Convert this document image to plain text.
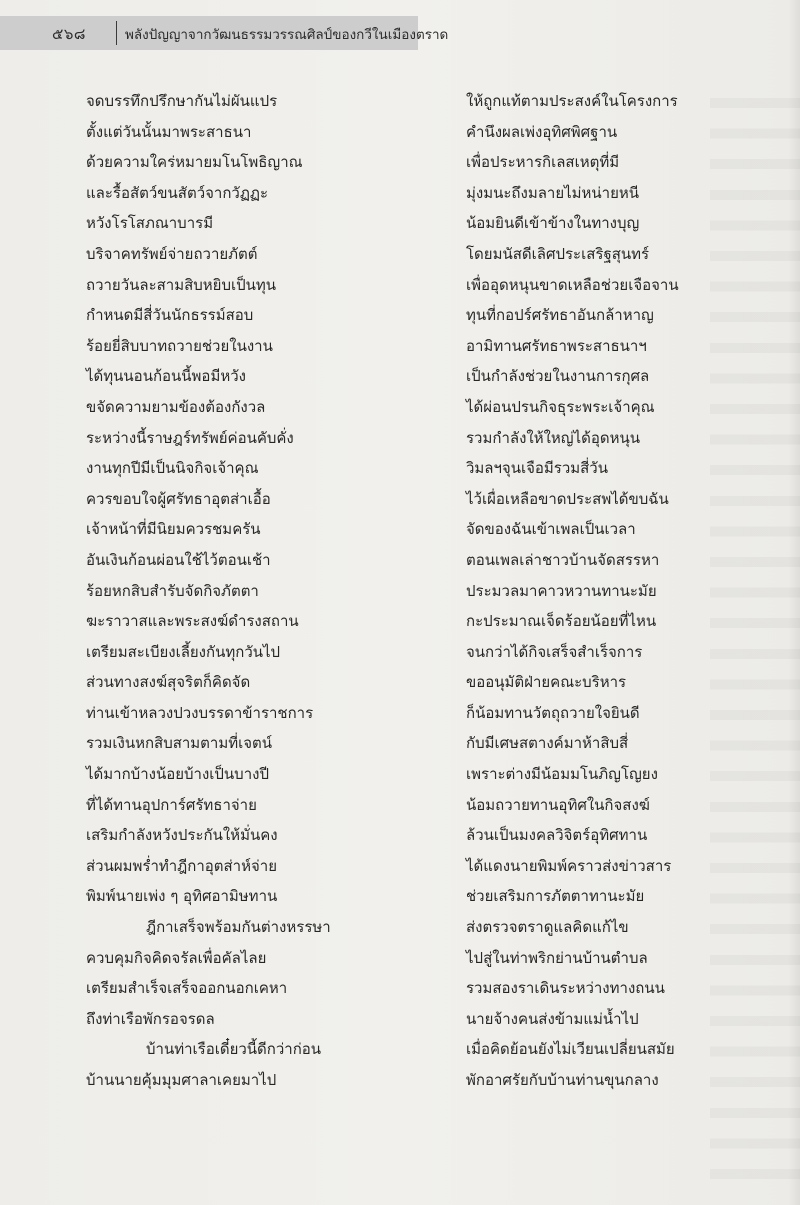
๕๖๘	พลังปัญญาจากวัฒนธรรมวรรณศิลป์ของกวีในเมืองตราด
จดบรรทึกปรึกษากันไม่ผันแปร
ตั้งแต่วันนั้นมาพระสาธนา
ด้วยความใคร่หมายมโนโพธิญาณ
และรื้อสัตว์ขนสัตว์จากวัฏฏะ
หวังโรโสภณาบารมี
บริจาคทรัพย์จ่ายถวายภัตต์
ถวายวันละสามสิบหยิบเป็นทุน
กำหนดมีสี่วันนักธรรม์สอบ
ร้อยยี่สิบบาทถวายช่วยในงาน
ได้ทุนนอนก้อนนี้พอมีหวัง
ขจัดความยามข้องต้องกังวล
ระหว่างนี้ราษฎร์ทรัพย์ค่อนคับคั่ง
งานทุกปีมีเป็นนิจกิจเจ้าคุณ
ควรขอบใจผู้ศรัทธาอุตส่าเอื้อ
เจ้าหน้าที่มีนิยมควรชมครัน
อันเงินก้อนผ่อนใช้ไว้ตอนเช้า
ร้อยหกสิบสำรับจัดกิจภัตตา
ฆะราวาสและพระสงฆ์ดำรงสถาน
เตรียมสะเบียงเลี้ยงกันทุกวันไป
ส่วนทางสงฆ์สุจริตก็คิดจัด
ท่านเข้าหลวงปวงบรรดาข้าราชการ
รวมเงินหกสิบสามตามที่เจตน์
ได้มากบ้างน้อยบ้างเป็นบางปี
ที่ได้ทานอุปการ์ศรัทธาจ่าย
เสริมกำลังหวังประกันให้มั่นคง
ส่วนผมพร่ำทำฎีกาอุตส่าห์จ่าย
พิมพ์นายเพ่ง ๆ อุทิศอามิษทาน
ฎีกาเสร็จพร้อมกันต่างหรรษา
ควบคุมกิจคิดจรัลเพื่อคัลไลย
เตรียมสำเร็จเสร็จออกนอกเคหา
ถึงท่าเรือพักรอจรดล
บ้านท่าเรือเดี๋ยวนี้ดีกว่าก่อน
บ้านนายคุ้มมุมศาลาเคยมาไป
ให้ถูกแท้ตามประสงค์ในโครงการ
คำนึงผลเพ่งอุทิศพิศฐาน
เพื่อประหารกิเลสเหตุที่มี
มุ่งมนะถึงมลายไม่หน่ายหนี
น้อมยินดีเข้าข้างในทางบุญ
โดยมนัสดีเลิศประเสริฐสุนทร์
เพื่ออุดหนุนขาดเหลือช่วยเจือจาน
ทุนที่กอปร์ศรัทธาอันกล้าหาญ
อามิทานศรัทธาพระสาธนาฯ
เป็นกำลังช่วยในงานการกุศล
ได้ผ่อนปรนกิจธุระพระเจ้าคุณ
รวมกำลังให้ใหญ่ได้อุดหนุน
วิมลฯจุนเจือมีรวมสี่วัน
ไว้เผื่อเหลือขาดประสพได้ขบฉัน
จัดของฉันเข้าเพลเป็นเวลา
ตอนเพลเล่าชาวบ้านจัดสรรหา
ประมวลมาคาวหวานทานะมัย
กะประมาณเจ็ดร้อยน้อยที่ไหน
จนกว่าได้กิจเสร็จสำเร็จการ
ขออนุมัติฝ่ายคณะบริหาร
ก็น้อมทานวัตถุถวายใจยินดี
กับมีเศษสตางค์มาห้าสิบสี่
เพราะต่างมีน้อมมโนภิญโญยง
น้อมถวายทานอุทิศในกิจสงฆ์
ล้วนเป็นมงคลวิจิตร์อุทิศทาน
ได้แดงนายพิมพ์คราวส่งข่าวสาร
ช่วยเสริมการภัตตาทานะมัย
ส่งตรวจตราดูแลคิดแก้ไข
ไปสู่ในท่าพริกย่านบ้านตำบล
รวมสองราเดินระหว่างทางถนน
นายจ้างคนส่งข้ามแม่น้ำไป
เมื่อคิดย้อนยังไม่เวียนเปลี่ยนสมัย
พักอาศรัยกับบ้านท่านขุนกลาง
